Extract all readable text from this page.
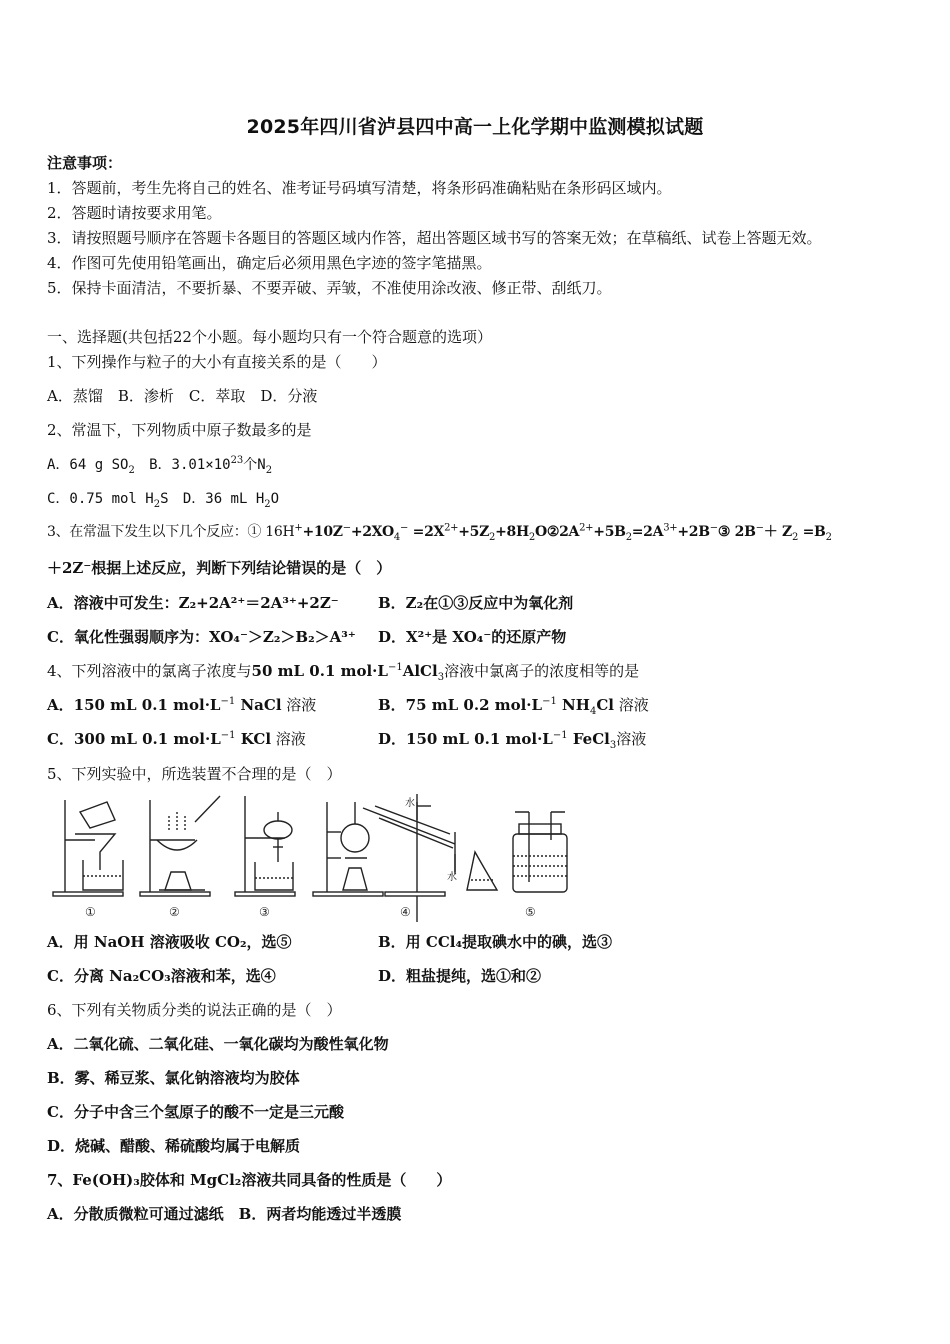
2025年四川省泸县四中高一上化学期中监测模拟试题
注意事项：
1．答题前，考生先将自己的姓名、准考证号码填写清楚，将条形码准确粘贴在条形码区域内。
2．答题时请按要求用笔。
3．请按照题号顺序在答题卡各题目的答题区域内作答，超出答题区域书写的答案无效；在草稿纸、试卷上答题无效。
4．作图可先使用铅笔画出，确定后必须用黑色字迹的签字笔描黑。
5．保持卡面清洁，不要折暴、不要弄破、弄皱，不准使用涂改液、修正带、刮纸刀。
一、选择题(共包括22个小题。每小题均只有一个符合题意的选项）
1、下列操作与粒子的大小有直接关系的是（　　）
A．蒸馏　B．渗析　C．萃取　D．分液
2、常温下，下列物质中原子数最多的是
A．64 g $SO_2$ B．$3.01\times 10^{23}$个$N_2$
C．0.75 mol $H_2S$ D．36 mL $H_2O$
3、在常温下发生以下几个反应：① $16H^++10Z^-+2XO_4^-$ $=2X^{2+}+5Z_2+8H_2O②2A^{2+}+5B_2=2A^{3+}+2B^-③$ $2B^-+ Z_2 =B_2$
＋2Z⁻根据上述反应，判断下列结论错误的是（　）
A．溶液中可发生：Z₂+2A²⁺＝2A³⁺+2Z⁻	B．Z₂在①③反应中为氧化剂
C．氧化性强弱顺序为：XO₄⁻＞Z₂＞B₂＞A³⁺ D．X²⁺是 XO₄⁻的还原产物
4、下列溶液中的氯离子浓度与50 mL 0.1 $mol\cdot L^{-1}AlCl_3$溶液中氯离子的浓度相等的是
A．150 mL 0.1 $mol\cdot L^{-1}$ NaCl 溶液	B．75 mL 0.2 $mol\cdot L^{-1}$ $NH_4Cl$ 溶液
C．300 mL 0.1 $mol\cdot L^{-1}$ KCl 溶液	D．150 mL 0.1 $mol\cdot L^{-1}$ FeCl$_3$溶液
5、下列实验中，所选装置不合理的是（　）
①	②	③	④	⑤
水
水
A．用 NaOH 溶液吸收 CO₂，选⑤	B．用 CCl₄提取碘水中的碘，选③
C．分离 Na₂CO₃溶液和苯，选④	D．粗盐提纯，选①和②
6、下列有关物质分类的说法正确的是（　）
A．二氧化硫、二氧化硅、一氧化碳均为酸性氧化物
B．雾、稀豆浆、氯化钠溶液均为胶体
C．分子中含三个氢原子的酸不一定是三元酸
D．烧碱、醋酸、稀硫酸均属于电解质
7、Fe(OH)₃胶体和 MgCl₂溶液共同具备的性质是（　　）
A．分散质微粒可通过滤纸　B．两者均能透过半透膜
